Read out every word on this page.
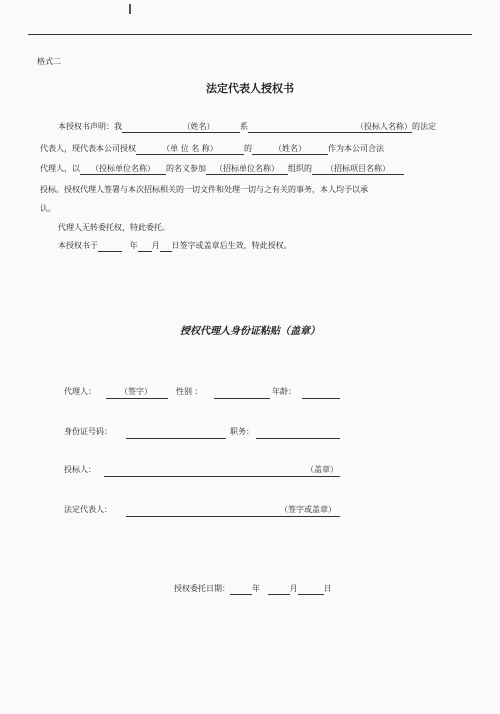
格式二
法定代表人授权书
本授权书声明：我	（姓名）	系	（投标人名称）的法定
代表人，现代表本公司授权	（单 位 名 称）	的	（姓名）	作为本公司合法
代理人，以 （投标单位名称） 的名义参加 （招标单位名称） 组织的 （招标项目名称）
投标。授权代理人签署与本次招标相关的一切文件和处理一切与之有关的事务，本人均予以承
认。
代理人无转委托权，特此委托。
本授权书于	年 月 日签字或盖章后生效，特此授权。
授权代理人身份证粘贴（盖章）
代理人：	（签字）	性别 ：	年龄：
身份证号码：	职务：
投标人：	（盖章）
法定代表人：	（签字或盖章）
授权委托日期：	年	月	日
